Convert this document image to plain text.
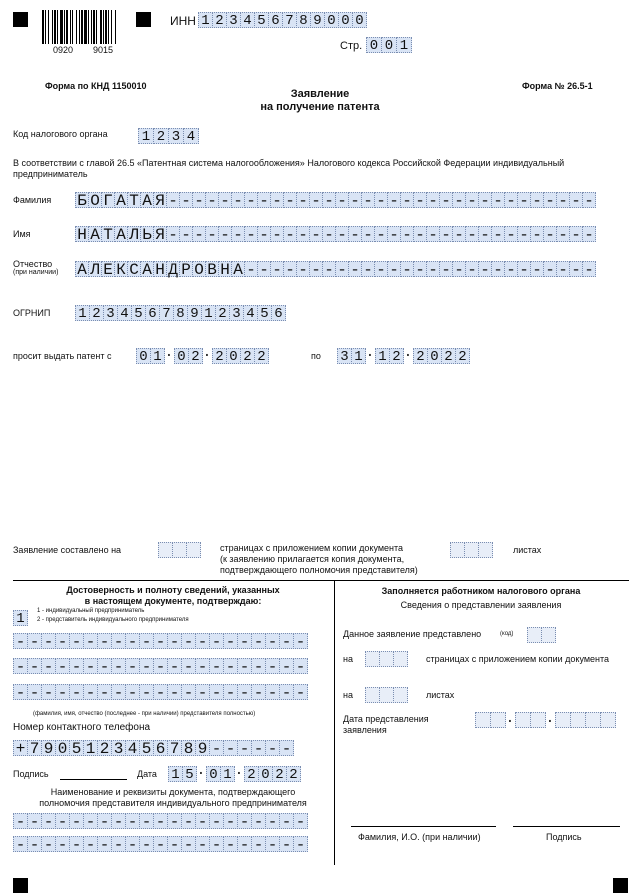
0920 9015
ИНН 1 2 3 4 5 6 7 8 9 0 0 0
Стр. 0 0 1
Форма по КНД 1150010	Форма № 26.5-1
Заявление
на получение патента
Код налогового органа 1 2 3 4
В соответствии с главой 26.5 «Патентная система налогообложения» Налогового кодекса Российской Федерации индивидуальный предприниматель
Фамилия Б О Г А Т А Я - - - - - - - - - - - - - - - - - - - - - - - - - - - - - - - - -
Имя	Н А Т А Л Ь Я - - - - - - - - - - - - - - - - - - - - - - - - - - - - - - - - -
Отчество
(при наличии) А Л Е К С А Н Д Р О В Н А - - - - - - - - - - - - - - - - - - - - - - - - - - -
ОГРНИП 1 2 3 4 5 6 7 8 9 1 2 3 4 5 6
просит выдать патент с 0 1 · 0 2 · 2 0 2 2	по 3 1 · 1 2 · 2 0 2 2
Заявление составлено на	страницах с приложением копии документа
(к заявлению прилагается копия документа,
подтверждающего полномочия представителя)
листах
Достоверность и полноту сведений, указанных
в настоящем документе, подтверждаю:
1	1 - индивидуальный предприниматель
2 - представитель индивидуального предпринимателя
- - - - - - - - - - - - - - - - - - - - -
- - - - - - - - - - - - - - - - - - - - -
- - - - - - - - - - - - - - - - - - - - -
(фамилия, имя, отчество (последнее - при наличии) представителя полностью)
Номер контактного телефона
+ 7 9 0 5 1 2 3 4 5 6 7 8 9 - - - - - -
Подпись	Дата 1 5 · 0 1 · 2 0 2 2
Наименование и реквизиты документа, подтверждающего
полномочия представителя индивидуального предпринимателя
- - - - - - - - - - - - - - - - - - - - -
- - - - - - - - - - - - - - - - - - - - -
Заполняется работником налогового органа
Сведения о представлении заявления
Данное заявление представлено	(код)
на	страницах с приложением копии документа
на	листах
Дата представления
заявления	· ·
Фамилия, И.О. (при наличии)	Подпись
